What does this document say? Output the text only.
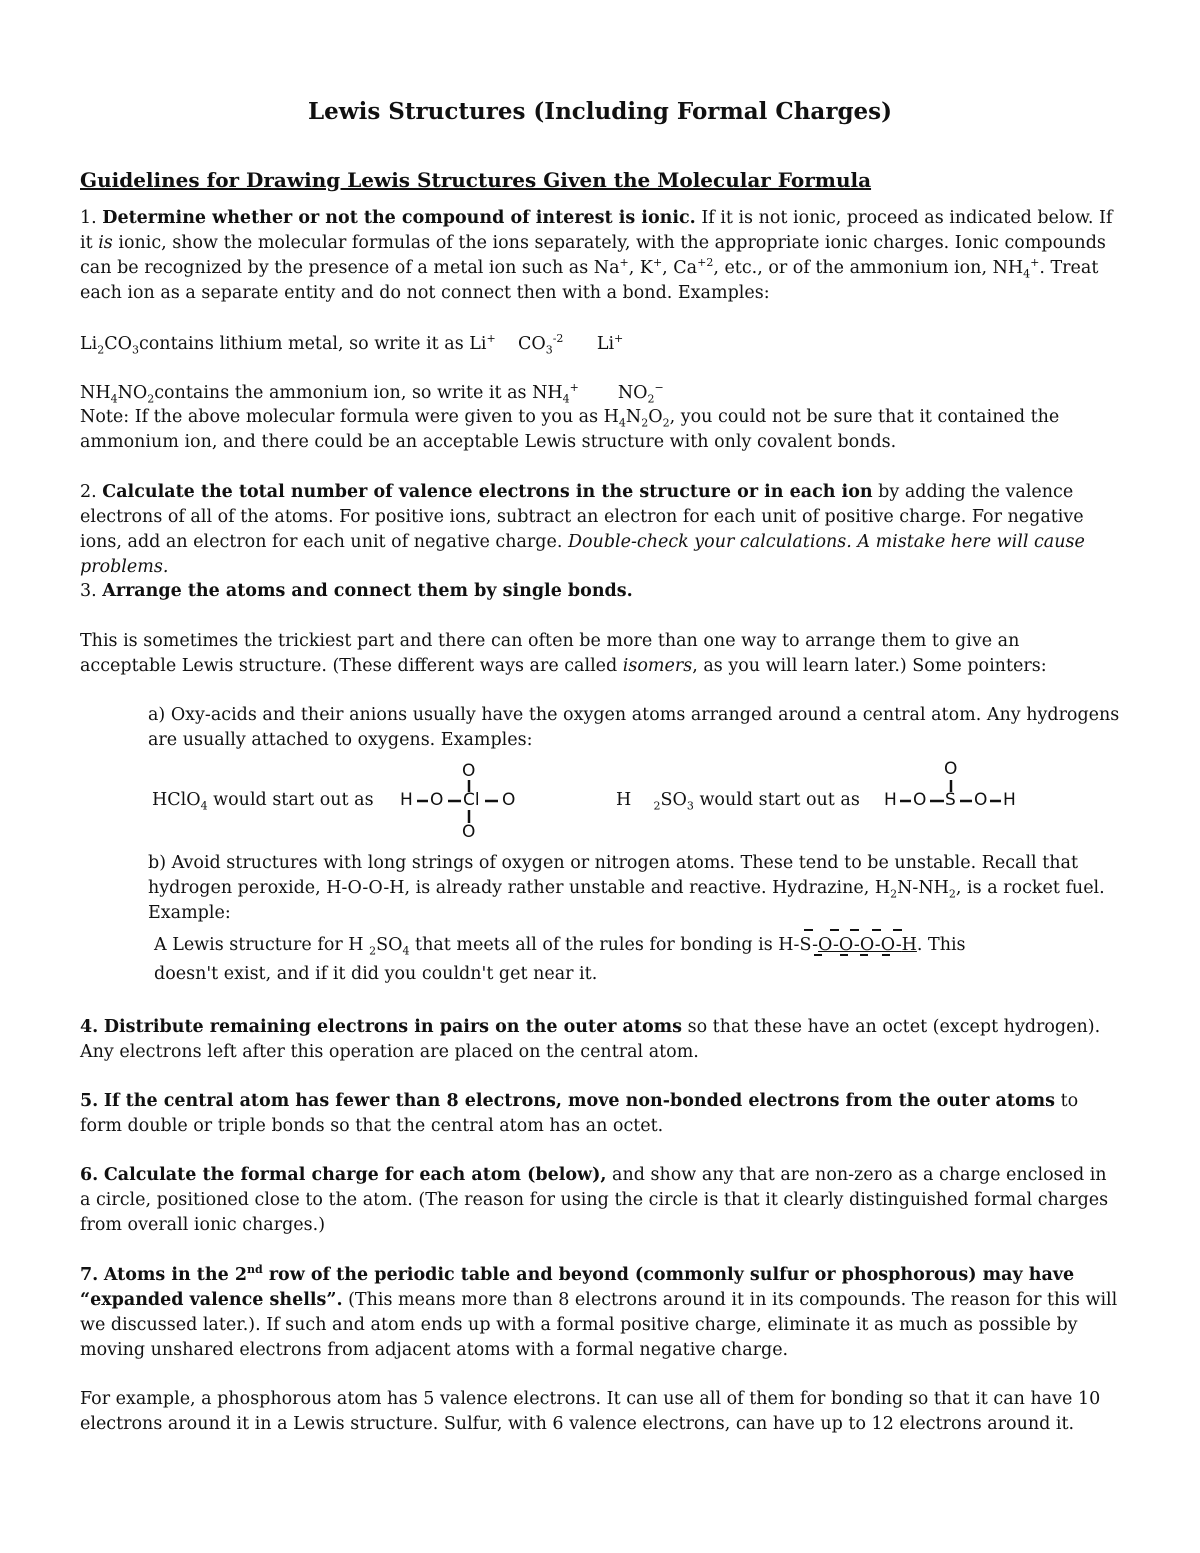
Lewis Structures (Including Formal Charges)
Guidelines for Drawing Lewis Structures Given the Molecular Formula

1. Determine whether or not the compound of interest is ionic. If it is not ionic, proceed as indicated below. If it is ionic, show the molecular formulas of the ions separately, with the appropriate ionic charges. Ionic compounds can be recognized by the presence of a metal ion such as Na+, K+, $Ca^{+2}$, etc., or of the ammonium ion, $NH_4^+$. Treat each ion as a separate entity and do not connect then with a bond. Examples:

$Li_2CO_3contains$ lithium metal, so write it as Li+ $CO_3^{-2}$ Li+
$NH_4NO_2contains$ the ammonium ion, so write it as $NH_4^+$ $NO_2^-$

Note: If the above molecular formula were given to you as $H_4N_2O_2$, you could not be sure that it contained the ammonium ion, and there could be an acceptable Lewis structure with only covalent bonds.

2. Calculate the total number of valence electrons in the structure or in each ion by adding the valence electrons of all of the atoms. For positive ions, subtract an electron for each unit of positive charge. For negative ions, add an electron for each unit of negative charge. Double-check your calculations. A mistake here will cause problems.

3. Arrange the atoms and connect them by single bonds.

This is sometimes the trickiest part and there can often be more than one way to arrange them to give an acceptable Lewis structure. (These different ways are called isomers, as you will learn later.) Some pointers:

a) Oxy-acids and their anions usually have the oxygen atoms arranged around a central atom. Any hydrogens are usually attached to oxygens. Examples:

HClO$_4$ would start out as H O Cl O
O
O
H $_2SO_3$ would start out as H O S O H
O

b) Avoid structures with long strings of oxygen or nitrogen atoms. These tend to be unstable. Recall that hydrogen peroxide, H-O-O-H, is already rather unstable and reactive. Hydrazine, $H_2N-NH_2$, is a rocket fuel.
Example:

A Lewis structure for H $_2SO_4$ that meets all of the rules for bonding is H-S-O-O-O-O-H. This
doesn't exist, and if it did you couldn't get near it.

4. Distribute remaining electrons in pairs on the outer atoms so that these have an octet (except hydrogen). Any electrons left after this operation are placed on the central atom.

5. If the central atom has fewer than 8 electrons, move non-bonded electrons from the outer atoms to form double or triple bonds so that the central atom has an octet.

6. Calculate the formal charge for each atom (below), and show any that are non-zero as a charge enclosed in a circle, positioned close to the atom. (The reason for using the circle is that it clearly distinguished formal charges from overall ionic charges.)

7. Atoms in the 2nd row of the periodic table and beyond (commonly sulfur or phosphorous) may have “expanded valence shells”. (This means more than 8 electrons around it in its compounds. The reason for this will we discussed later.). If such and atom ends up with a formal positive charge, eliminate it as much as possible by moving unshared electrons from adjacent atoms with a formal negative charge.

For example, a phosphorous atom has 5 valence electrons. It can use all of them for bonding so that it can have 10 electrons around it in a Lewis structure. Sulfur, with 6 valence electrons, can have up to 12 electrons around it.
